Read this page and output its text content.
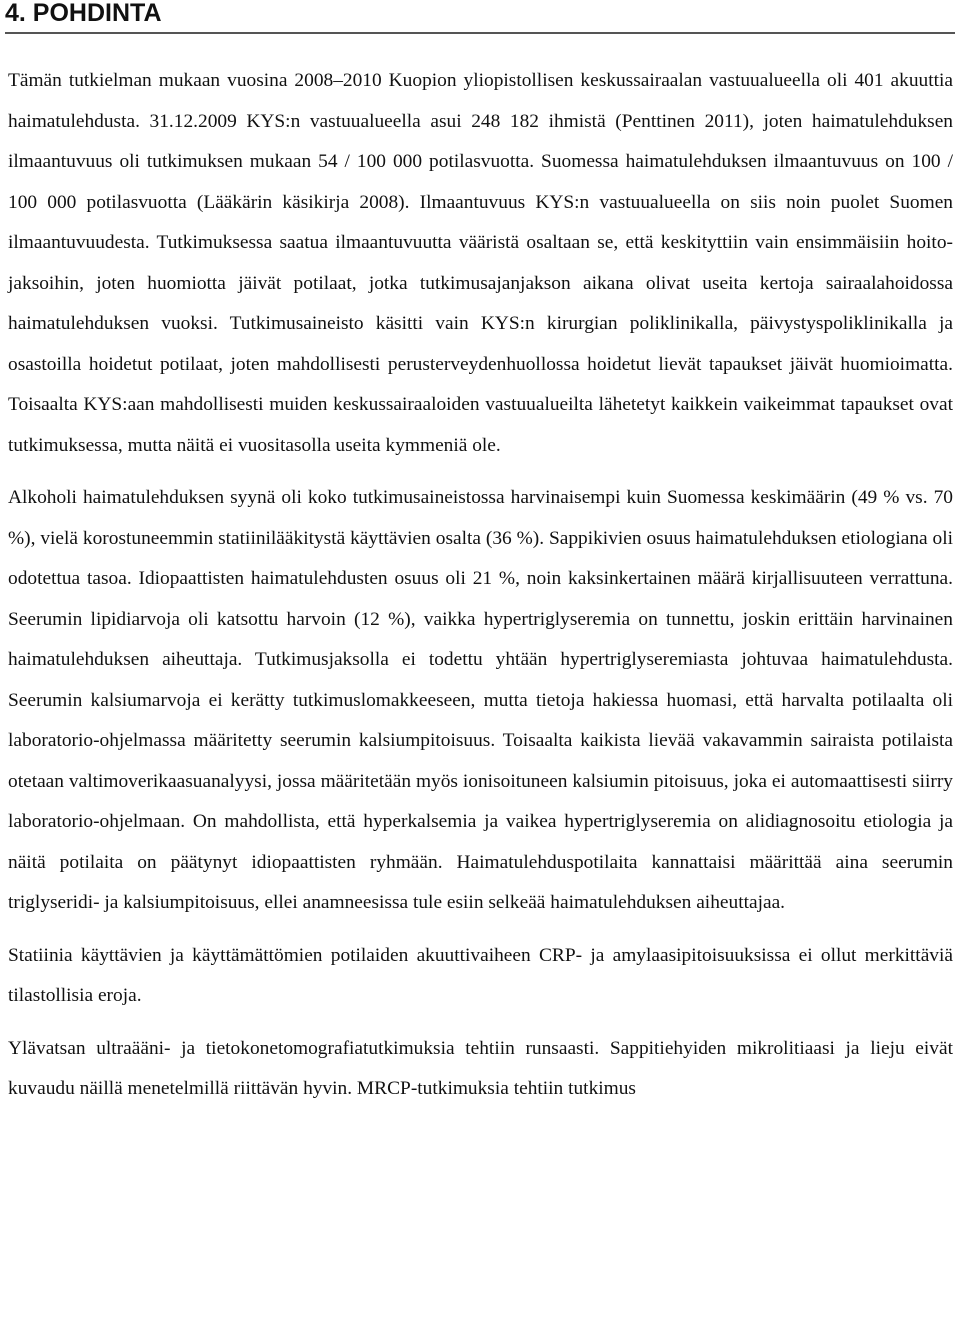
4. POHDINTA

Tämän tutkielman mukaan vuosina 2008–2010 Kuopion yliopistollisen keskussairaalan vastuualueella oli 401 akuuttia haimatulehdusta. 31.12.2009 KYS:n vastuualueella asui 248 182 ihmistä (Penttinen 2011), joten haimatulehduksen ilmaantuvuus oli tutkimuksen mukaan 54 / 100 000 potilasvuotta. Suomessa haimatulehduksen ilmaantuvuus on 100 / 100 000 potilasvuotta (Lääkärin käsikirja 2008). Ilmaantuvuus KYS:n vastuualueella on siis noin puolet Suomen ilmaantuvuudesta. Tutkimuksessa saatua ilmaantuvuutta vääristä osaltaan se, että keskityttiin vain ensimmäisiin hoitojaksoihin, joten huomiotta jäivät potilaat, jotka tutkimusajanjakson aikana olivat useita kertoja sairaalahoidossa haimatulehduksen vuoksi. Tutkimusaineisto käsitti vain KYS:n kirurgian poliklinikalla, päivystyspoliklinikalla ja osastoilla hoidetut potilaat, joten mahdollisesti perusterveydenhuollossa hoidetut lievät tapaukset jäivät huomioimatta. Toisaalta KYS:aan mahdollisesti muiden keskussairaaloiden vastuualueilta lähetetyt kaikkein vaikeimmat tapaukset ovat tutkimuksessa, mutta näitä ei vuositasolla useita kymmeniä ole.

Alkoholi haimatulehduksen syynä oli koko tutkimusaineistossa harvinaisempi kuin Suomessa keskimäärin (49 % vs. 70 %), vielä korostuneemmin statiinilääkitystä käyttävien osalta (36 %). Sappikivien osuus haimatulehduksen etiologiana oli odotettua tasoa. Idiopaattisten haimatulehdusten osuus oli 21 %, noin kaksinkertainen määrä kirjallisuuteen verrattuna. Seerumin lipidiarvoja oli katsottu harvoin (12 %), vaikka hypertriglyseremia on tunnettu, joskin erittäin harvinainen haimatulehduksen aiheuttaja. Tutkimusjaksolla ei todettu yhtään hypertriglyseremiasta johtuvaa haimatulehdusta. Seerumin kalsiumarvoja ei kerätty tutkimuslomakkeeseen, mutta tietoja hakiessa huomasi, että harvalta potilaalta oli laboratorio-ohjelmassa määritetty seerumin kalsiumpitoisuus. Toisaalta kaikista lievää vakavammin sairaista potilaista otetaan valtimoverikaasuanalyysi, jossa määritetään myös ionisoituneen kalsiumin pitoisuus, joka ei automaattisesti siirry laboratorio-ohjelmaan. On mahdollista, että hyperkalsemia ja vaikea hypertriglyseremia on alidiagnosoitu etiologia ja näitä potilaita on päätynyt idiopaattisten ryhmään. Haimatulehduspotilaita kannattaisi määrittää aina seerumin triglyseridi- ja kalsiumpitoisuus, ellei anamneesissa tule esiin selkeää haimatulehduksen aiheuttajaa.

Statiinia käyttävien ja käyttämättömien potilaiden akuuttivaiheen CRP- ja amylaasipitoisuuksissa ei ollut merkittäviä tilastollisia eroja.

Ylävatsan ultraääni- ja tietokonetomografiatutkimuksia tehtiin runsaasti. Sappitiehyiden mikrolitiaasi ja lieju eivät kuvaudu näillä menetelmillä riittävän hyvin. MRCP-tutkimuksia tehtiin tutkimus
